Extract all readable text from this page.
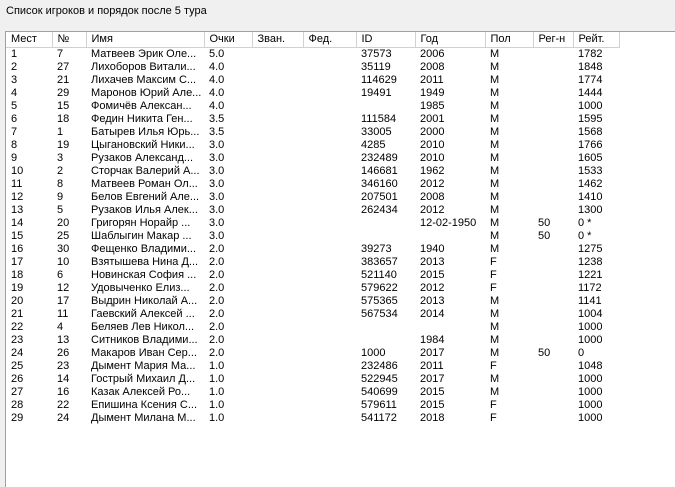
Список игроков и порядок после 5 тура
Мест	№	Имя	Очки	Зван.	Фед.	ID	Год	Пол	Рег-н	Рейт.
1	7	Матвеев Эрик Оле...	5.0			37573	2006	M		1782
2	27	Лихоборов Витали...	4.0			35119	2008	M		1848
3	21	Лихачев Максим С...	4.0			114629	2011	M		1774
4	29	Маронов Юрий Але...	4.0			19491	1949	M		1444
5	15	Фомичёв Алексан...	4.0				1985	M		1000
6	18	Федин Никита Ген...	3.5			111584	2001	M		1595
7	1	Батырев Илья Юрь...	3.5			33005	2000	M		1568
8	19	Цыгановский Ники...	3.0			4285	2010	M		1766
9	3	Рузаков Александ...	3.0			232489	2010	M		1605
10	2	Сторчак Валерий А...	3.0			146681	1962	M		1533
11	8	Матвеев Роман Ол...	3.0			346160	2012	M		1462
12	9	Белов Евгений Але...	3.0			207501	2008	M		1410
13	5	Рузаков Илья Алек...	3.0			262434	2012	M		1300
14	20	Григорян Норайр ...	3.0				12-02-1950	M	50	0 *
15	25	Шаблыгин Макар ...	3.0					M	50	0 *
16	30	Фещенко Владими...	2.0			39273	1940	M		1275
17	10	Взятышева Нина Д...	2.0			383657	2013	F		1238
18	6	Новинская София ...	2.0			521140	2015	F		1221
19	12	Удовыченко Елиз...	2.0			579622	2012	F		1172
20	17	Выдрин Николай А...	2.0			575365	2013	M		1141
21	11	Гаевский Алексей ...	2.0			567534	2014	M		1004
22	4	Беляев Лев Никол...	2.0					M		1000
23	13	Ситников Владими...	2.0				1984	M		1000
24	26	Макаров Иван Сер...	2.0			1000	2017	M	50	0
25	23	Дымент Мария Ма...	1.0			232486	2011	F		1048
26	14	Гострый Михаил Д...	1.0			522945	2017	M		1000
27	16	Казак Алексей Ро...	1.0			540699	2015	M		1000
28	22	Епишина Ксения С...	1.0			579611	2015	F		1000
29	24	Дымент Милана М...	1.0			541172	2018	F		1000
